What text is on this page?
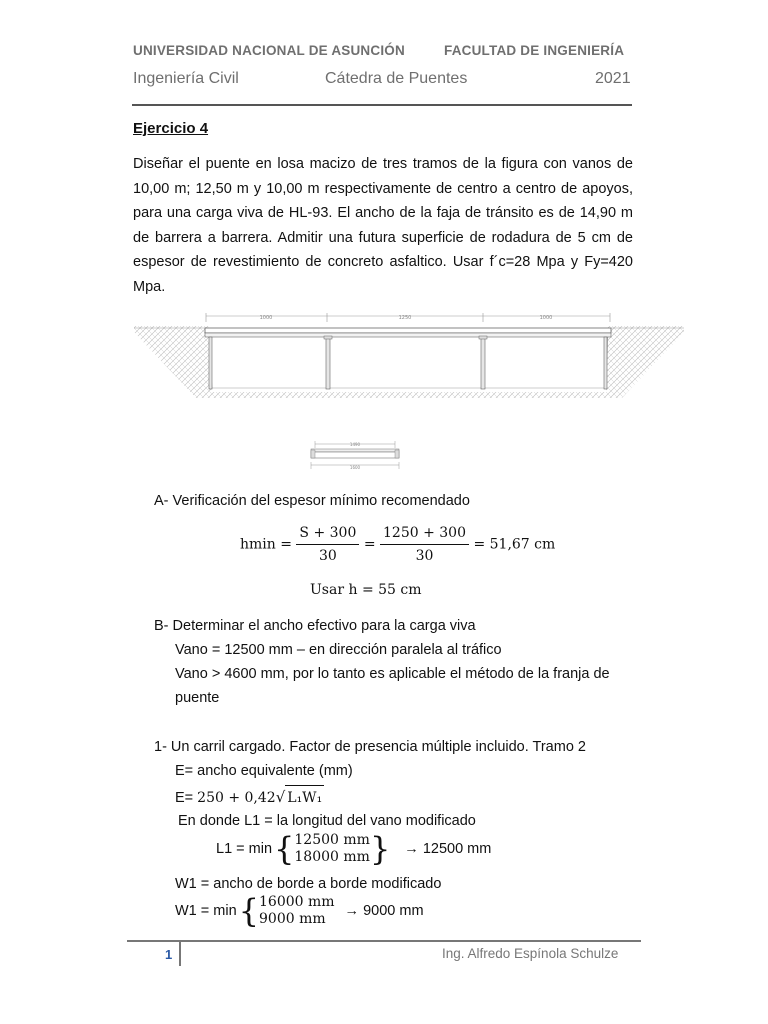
UNIVERSIDAD NACIONAL DE ASUNCIÓN	FACULTAD DE INGENIERÍA
Ingeniería Civil	Cátedra de Puentes	2021
Ejercicio 4
Diseñar el puente en losa macizo de tres tramos de la figura con vanos de 10,00 m; 12,50 m y 10,00 m respectivamente de centro a centro de apoyos, para una carga viva de HL-93. El ancho de la faja de tránsito es de 14,90 m de barrera a barrera. Admitir una futura superficie de rodadura de 5 cm de espesor de revestimiento de concreto asfaltico. Usar f´c=28 Mpa y Fy=420 Mpa.
1000	1250	1000
1490
1600
A- Verificación del espesor mínimo recomendado
$hmin = \frac{S + 300}{30} = \frac{1250 + 300}{30} = 51,67$ cm
Usar h = 55 cm
B- Determinar el ancho efectivo para la carga viva
Vano = 12500 mm – en dirección paralela al tráfico
Vano > 4600 mm, por lo tanto es aplicable el método de la franja de
puente
1- Un carril cargado. Factor de presencia múltiple incluido. Tramo 2
E= ancho equivalente (mm)
E= 250 + 0,42√ L₁W₁
En donde L1 = la longitud del vano modificado
L1 = min { 12500 mm
18000 mm } → 12500 mm
W1 = ancho de borde a borde modificado
W1 = min { 16000 mm
9000 mm
→ 9000 mm
1	Ing. Alfredo Espínola Schulze
